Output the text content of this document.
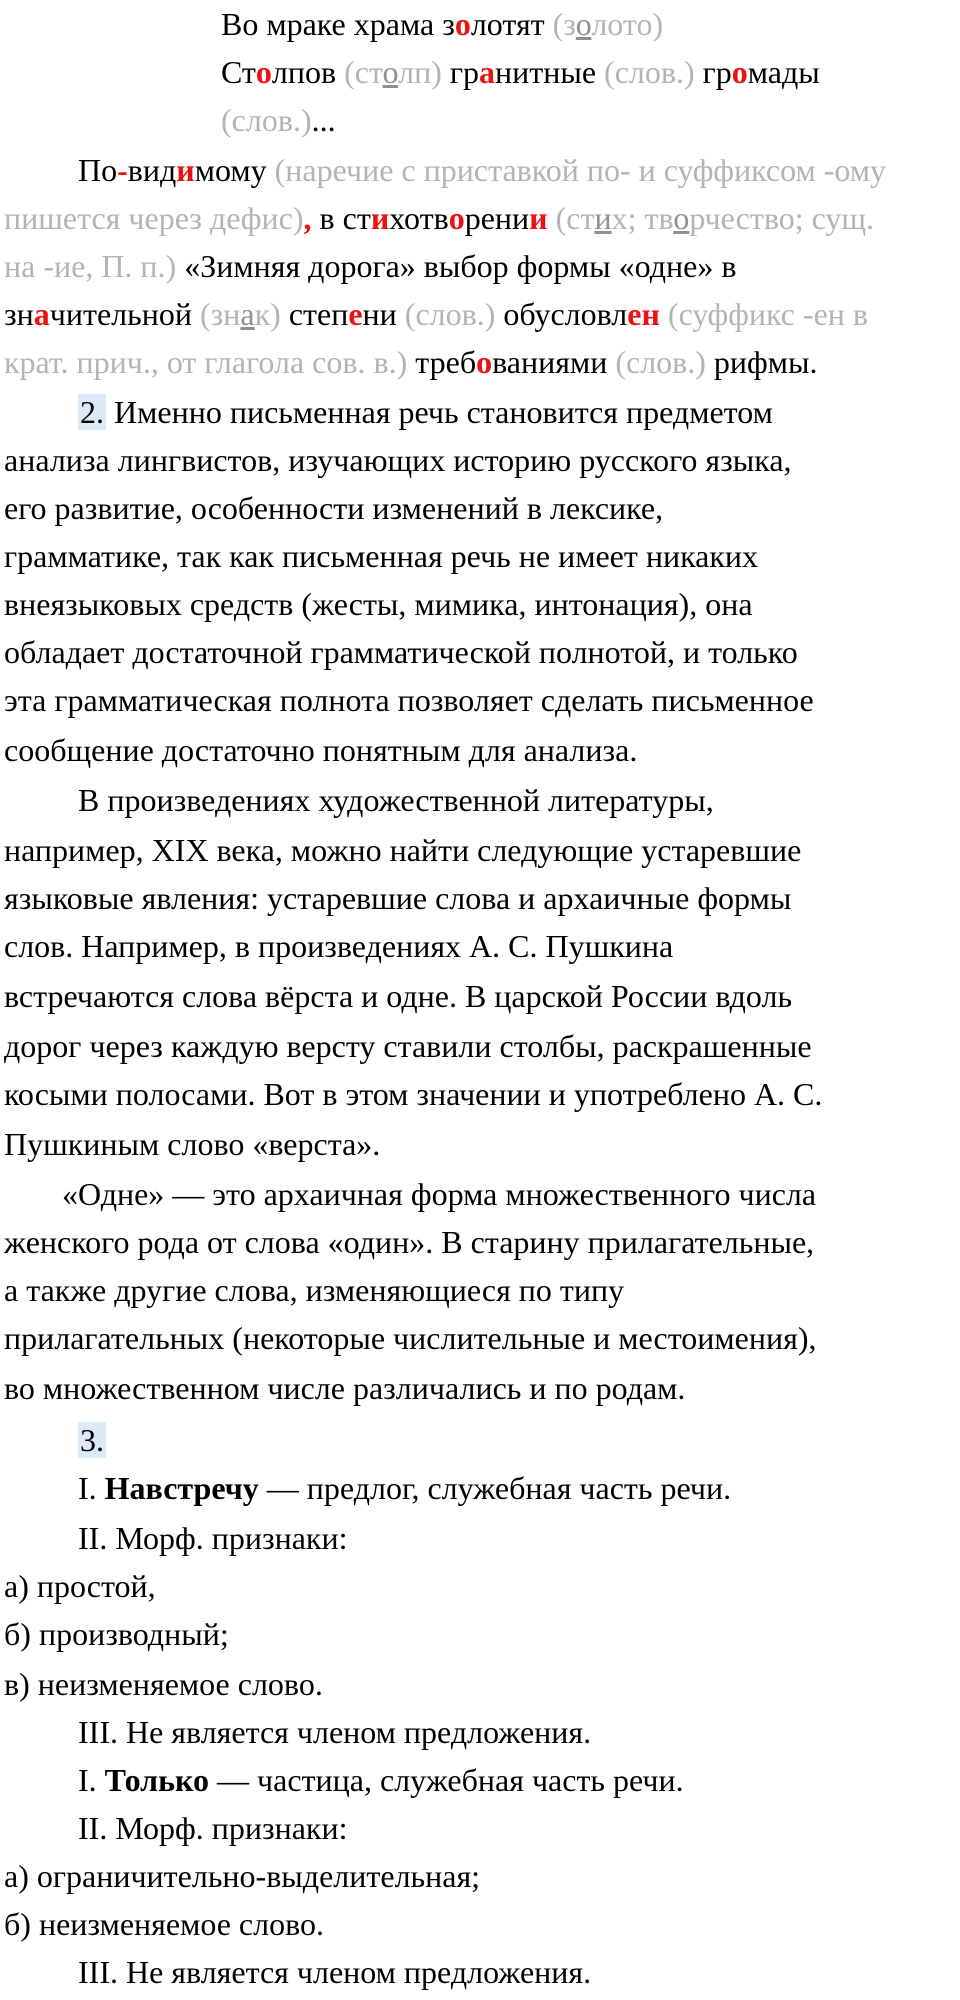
Во мраке храма золотят (золото)
Столпов (столп) гранитные (слов.) громады
(слов.)...
По-видимому (наречие с приставкой по- и суффиксом -ому
пишется через дефис), в стихотворении (стих; творчество; сущ.
на -ие, П. п.) «Зимняя дорога» выбор формы «одне» в
значительной (знак) степени (слов.) обусловлен (суффикс -ен в
крат. прич., от глагола сов. в.) требованиями (слов.) рифмы.
2. Именно письменная речь становится предметом
анализа лингвистов, изучающих историю русского языка,
его развитие, особенности изменений в лексике,
грамматике, так как письменная речь не имеет никаких
внеязыковых средств (жесты, мимика, интонация), она
обладает достаточной грамматической полнотой, и только
эта грамматическая полнота позволяет сделать письменное
сообщение достаточно понятным для анализа.
В произведениях художественной литературы,
например, XIX века, можно найти следующие устаревшие
языковые явления: устаревшие слова и архаичные формы
слов. Например, в произведениях А. С. Пушкина
встречаются слова вёрста и одне. В царской России вдоль
дорог через каждую версту ставили столбы, раскрашенные
косыми полосами. Вот в этом значении и употреблено А. С.
Пушкиным слово «верста».
«Одне» — это архаичная форма множественного числа
женского рода от слова «один». В старину прилагательные,
а также другие слова, изменяющиеся по типу
прилагательных (некоторые числительные и местоимения),
во множественном числе различались и по родам.
3.
I. Навстречу — предлог, служебная часть речи.
II. Морф. признаки:
а) простой,
б) производный;
в) неизменяемое слово.
III. Не является членом предложения.
I. Только — частица, служебная часть речи.
II. Морф. признаки:
а) ограничительно-выделительная;
б) неизменяемое слово.
III. Не является членом предложения.
